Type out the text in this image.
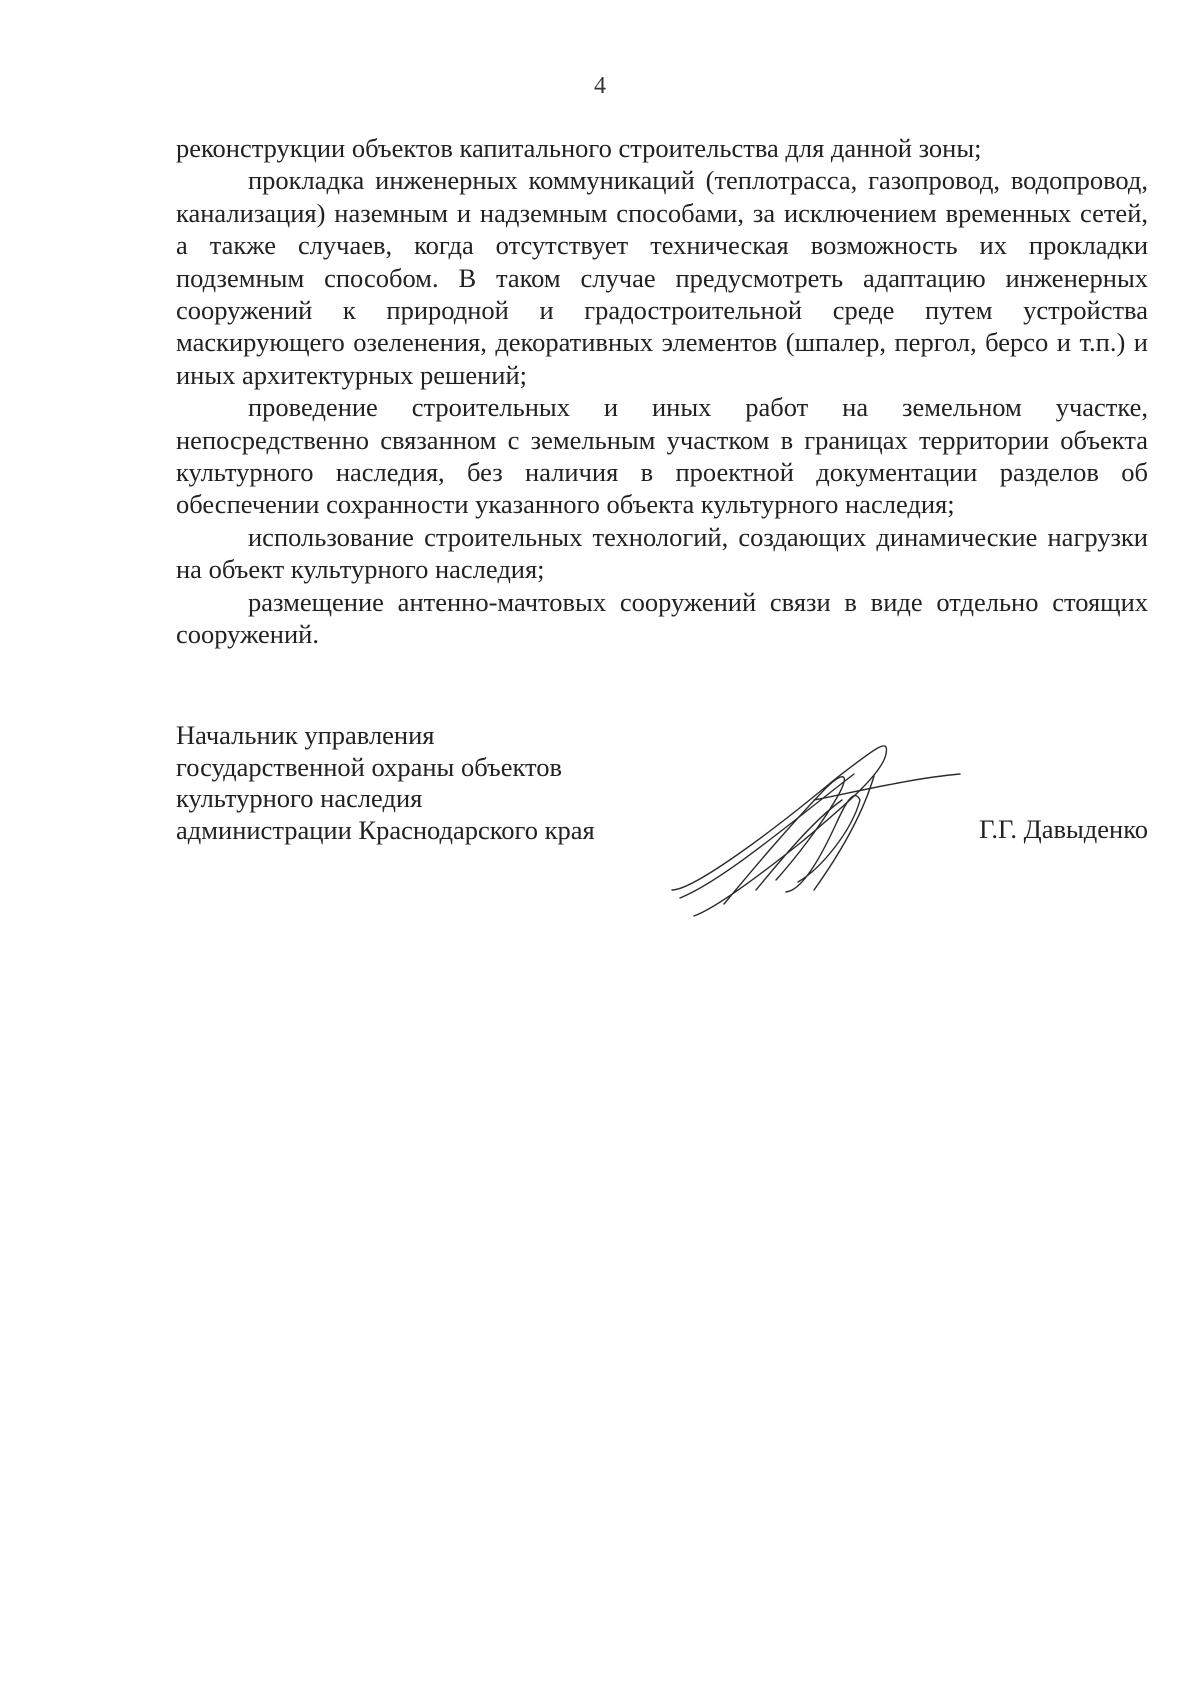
4

реконструкции объектов капитального строительства для данной зоны;

прокладка инженерных коммуникаций (теплотрасса, газопровод, водопровод, канализация) наземным и надземным способами, за исключением временных сетей, а также случаев, когда отсутствует техническая возможность их прокладки подземным способом. В таком случае предусмотреть адаптацию инженерных сооружений к природной и градостроительной среде путем устройства маскирующего озеленения, декоративных элементов (шпалер, пергол, берсо и т.п.) и иных архитектурных решений;

проведение строительных и иных работ на земельном участке, непосредственно связанном с земельным участком в границах территории объекта культурного наследия, без наличия в проектной документации разделов об обеспечении сохранности указанного объекта культурного наследия;

использование строительных технологий, создающих динамические нагрузки на объект культурного наследия;

размещение антенно-мачтовых сооружений связи в виде отдельно стоящих сооружений.

Начальник управления
государственной охраны объектов
культурного наследия
администрации Краснодарского края	Г.Г. Давыденко
